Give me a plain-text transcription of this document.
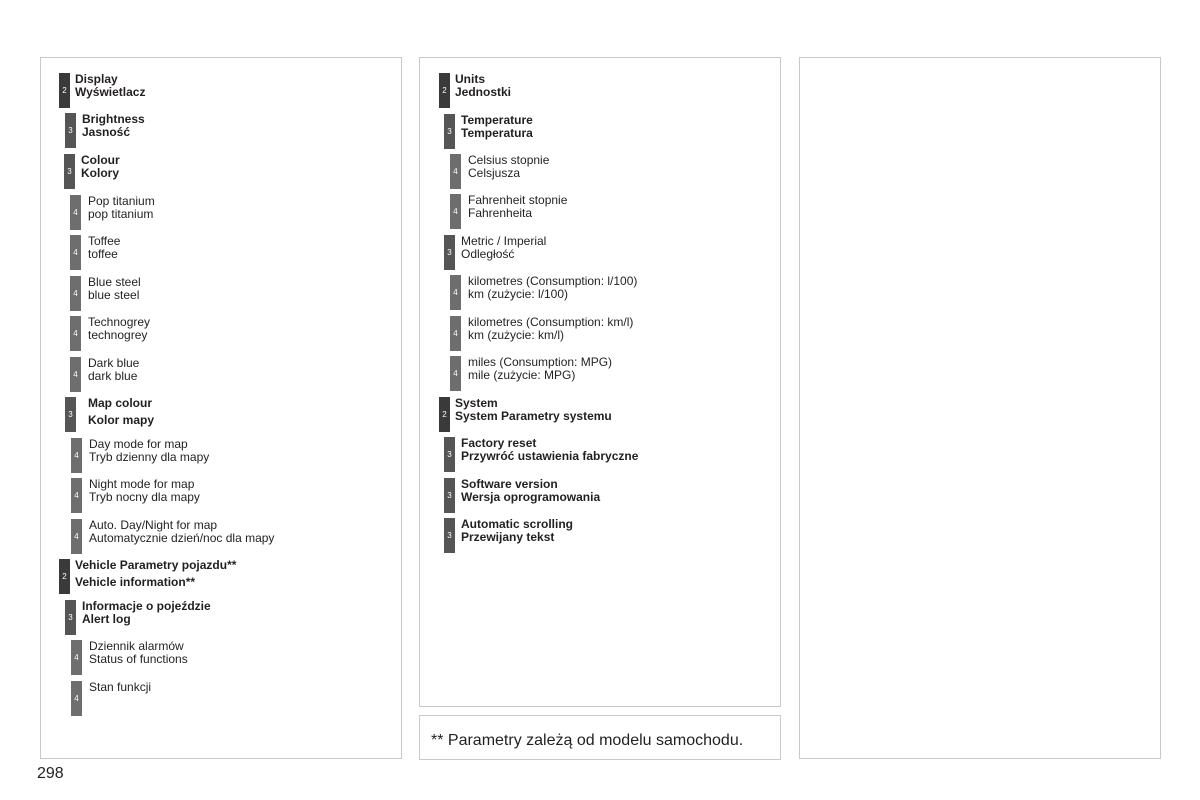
2
Display
Wyświetlacz
3
Brightness
Jasność
3
Colour
Kolory
4
Pop titanium
pop titanium
4
Toffee
toffee
4
Blue steel
blue steel
4
Technogrey
technogrey
4
Dark blue
dark blue
3
Map colour
Kolor mapy
4
Day mode for map
Tryb dzienny dla mapy
4
Night mode for map
Tryb nocny dla mapy
4
Auto. Day/Night for map
Automatycznie dzień/noc dla mapy
2
Vehicle Parametry pojazdu**
Vehicle information**
3
Informacje o pojeździe
Alert log
4
Dziennik alarmów
Status of functions
4
Stan funkcji
2
Units
Jednostki
3
Temperature
Temperatura
4
Celsius stopnie
Celsjusza
4
Fahrenheit stopnie
Fahrenheita
3
Metric / Imperial
Odległość
4
kilometres (Consumption: l/100)
km (zużycie: l/100)
4
kilometres (Consumption: km/l)
km (zużycie: km/l)
4
miles (Consumption: MPG)
mile (zużycie: MPG)
2
System
System Parametry systemu
3
Factory reset
Przywróć ustawienia fabryczne
3
Software version
Wersja oprogramowania
3
Automatic scrolling
Przewijany tekst
** Parametry zależą od modelu samochodu.
298
